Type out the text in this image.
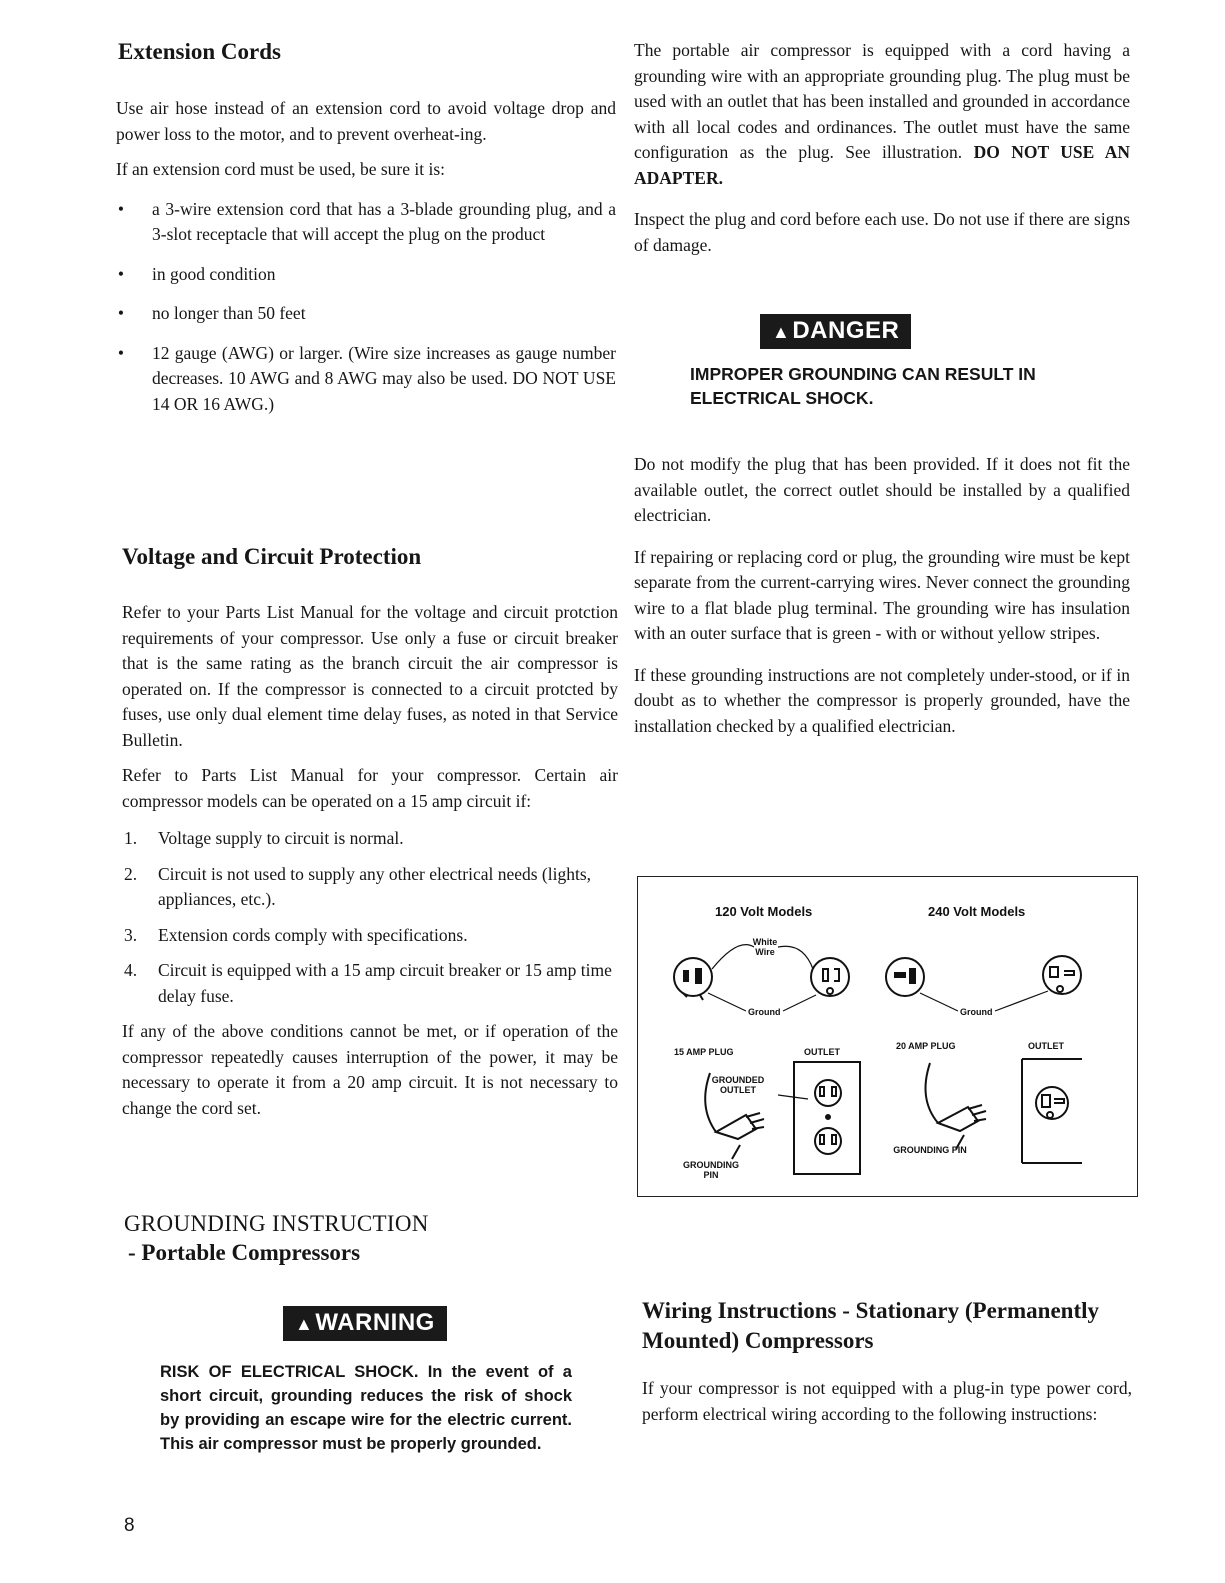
Extension Cords

Use air hose instead of an extension cord to avoid voltage drop and power loss to the motor, and to prevent overheat-ing.

If an extension cord must be used, be sure it is:

• a 3-wire extension cord that has a 3-blade grounding plug, and a 3-slot receptacle that will accept the plug on the product
• in good condition
• no longer than 50 feet
• 12 gauge (AWG) or larger. (Wire size increases as gauge number decreases. 10 AWG and 8 AWG may also be used. DO NOT USE 14 OR 16 AWG.)
Voltage and Circuit Protection

Refer to your Parts List Manual for the voltage and circuit protction requirements of your compressor. Use only a fuse or circuit breaker that is the same rating as the branch circuit the air compressor is operated on. If the compressor is connected to a circuit protcted by fuses, use only dual element time delay fuses, as noted in that Service Bulletin.

Refer to Parts List Manual for your compressor. Certain air compressor models can be operated on a 15 amp circuit if:

1. Voltage supply to circuit is normal.
2. Circuit is not used to supply any other electrical needs (lights, appliances, etc.).
3. Extension cords comply with specifications.
4. Circuit is equipped with a 15 amp circuit breaker or 15 amp time delay fuse.

If any of the above conditions cannot be met, or if operation of the compressor repeatedly causes interruption of the power, it may be necessary to operate it from a 20 amp circuit. It is not necessary to change the cord set.

GROUNDING INSTRUCTION
- Portable Compressors
▲WARNING

RISK OF ELECTRICAL SHOCK. In the event of a short circuit, grounding reduces the risk of shock by providing an escape wire for the electric current. This air compressor must be properly grounded.

The portable air compressor is equipped with a cord having a grounding wire with an appropriate grounding plug. The plug must be used with an outlet that has been installed and grounded in accordance with all local codes and ordinances. The outlet must have the same configuration as the plug. See illustration. DO NOT USE AN ADAPTER.

Inspect the plug and cord before each use. Do not use if there are signs of damage.

▲DANGER

IMPROPER GROUNDING CAN RESULT IN ELECTRICAL SHOCK.

Do not modify the plug that has been provided. If it does not fit the available outlet, the correct outlet should be installed by a qualified electrician.

If repairing or replacing cord or plug, the grounding wire must be kept separate from the current-carrying wires. Never connect the grounding wire to a flat blade plug terminal. The grounding wire has insulation with an outer surface that is green - with or without yellow stripes.

If these grounding instructions are not completely under-stood, or if in doubt as to whether the compressor is properly grounded, have the installation checked by a qualified electrician.

Wiring Instructions - Stationary (Permanently Mounted) Compressors

If your compressor is not equipped with a plug-in type power cord, perform electrical wiring according to the following instructions:

120 Volt Models	240 Volt Models
White Wire
Ground	Ground
15 AMP PLUG	OUTLET
20 AMP PLUG	OUTLET
GROUNDED OUTLET
GROUNDING PIN
GROUNDING PIN
8
